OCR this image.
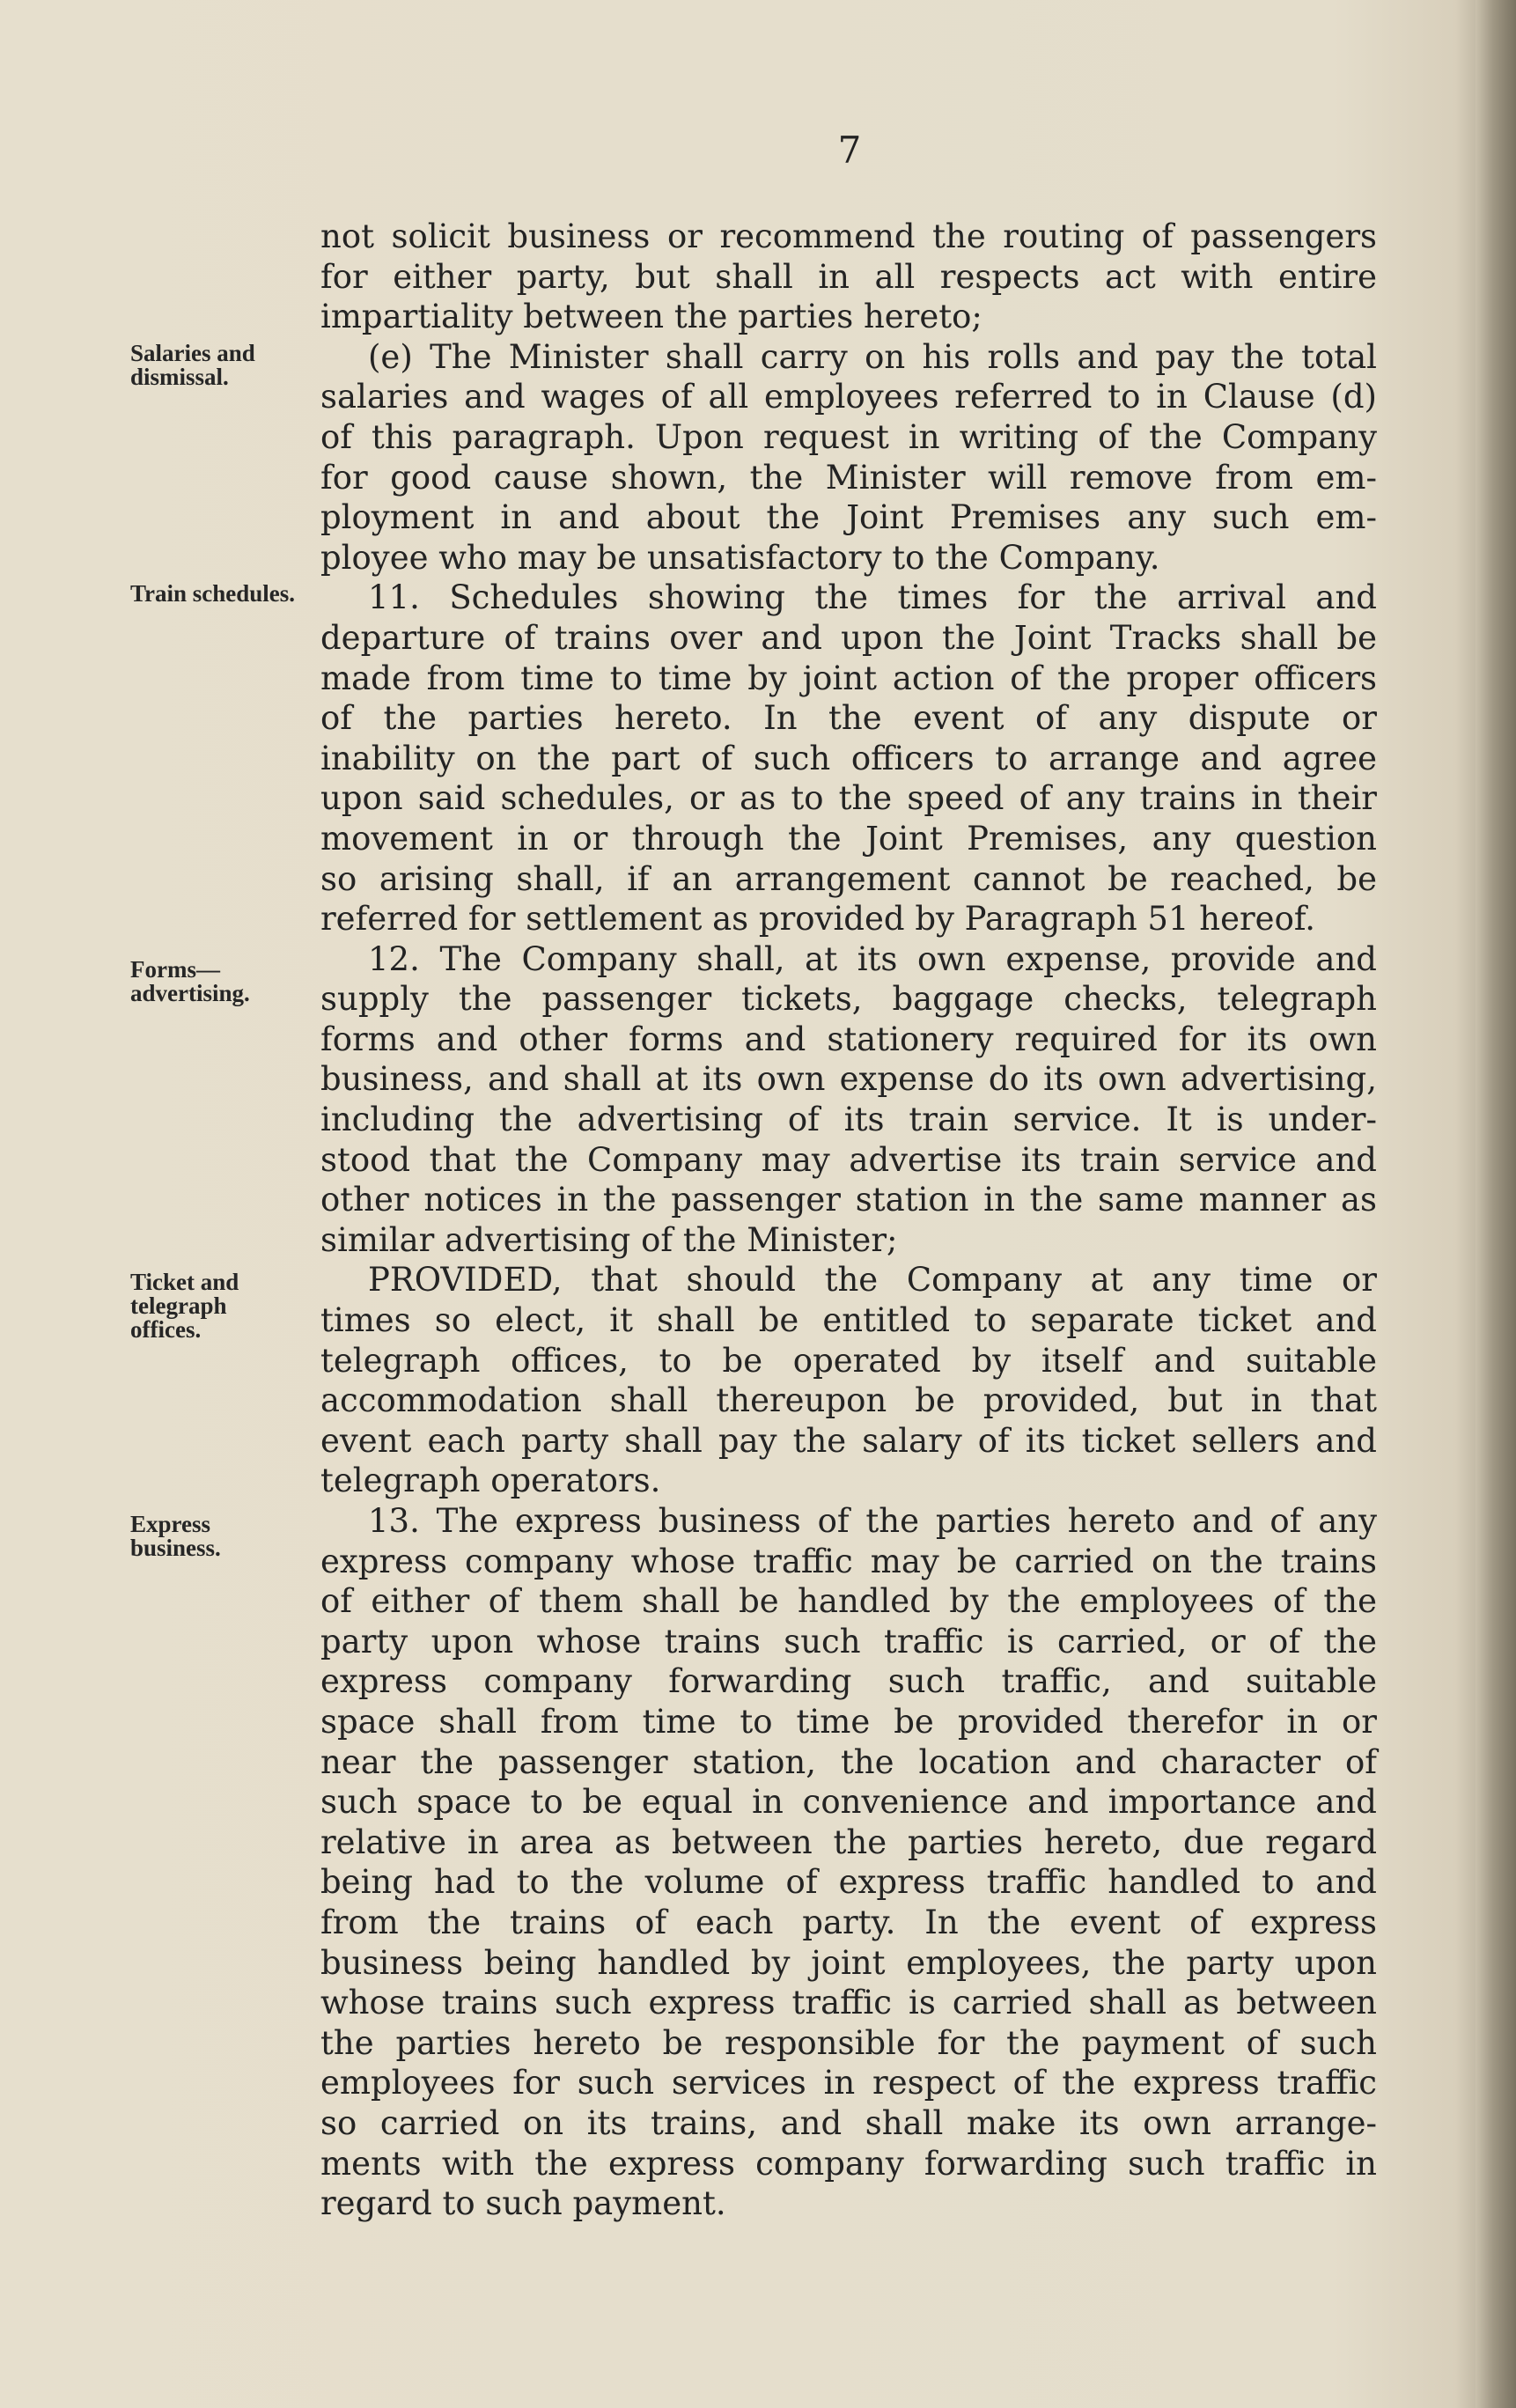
7
Salaries and dismissal.
Train schedules.
Forms— advertising.
Ticket and telegraph offices.
Express business.
not solicit business or recommend the routing of passengers
for either party, but shall in all respects act with entire
impartiality between the parties hereto;
(e) The Minister shall carry on his rolls and pay the total
salaries and wages of all employees referred to in Clause (d)
of this paragraph. Upon request in writing of the Company
for good cause shown, the Minister will remove from em-
ployment in and about the Joint Premises any such em-
ployee who may be unsatisfactory to the Company.
11. Schedules showing the times for the arrival and
departure of trains over and upon the Joint Tracks shall be
made from time to time by joint action of the proper officers
of the parties hereto. In the event of any dispute or
inability on the part of such officers to arrange and agree
upon said schedules, or as to the speed of any trains in their
movement in or through the Joint Premises, any question
so arising shall, if an arrangement cannot be reached, be
referred for settlement as provided by Paragraph 51 hereof.
12. The Company shall, at its own expense, provide and
supply the passenger tickets, baggage checks, telegraph
forms and other forms and stationery required for its own
business, and shall at its own expense do its own advertising,
including the advertising of its train service. It is under-
stood that the Company may advertise its train service and
other notices in the passenger station in the same manner as
similar advertising of the Minister;
PROVIDED, that should the Company at any time or
times so elect, it shall be entitled to separate ticket and
telegraph offices, to be operated by itself and suitable
accommodation shall thereupon be provided, but in that
event each party shall pay the salary of its ticket sellers and
telegraph operators.
13. The express business of the parties hereto and of any
express company whose traffic may be carried on the trains
of either of them shall be handled by the employees of the
party upon whose trains such traffic is carried, or of the
express company forwarding such traffic, and suitable
space shall from time to time be provided therefor in or
near the passenger station, the location and character of
such space to be equal in convenience and importance and
relative in area as between the parties hereto, due regard
being had to the volume of express traffic handled to and
from the trains of each party. In the event of express
business being handled by joint employees, the party upon
whose trains such express traffic is carried shall as between
the parties hereto be responsible for the payment of such
employees for such services in respect of the express traffic
so carried on its trains, and shall make its own arrange-
ments with the express company forwarding such traffic in
regard to such payment.
